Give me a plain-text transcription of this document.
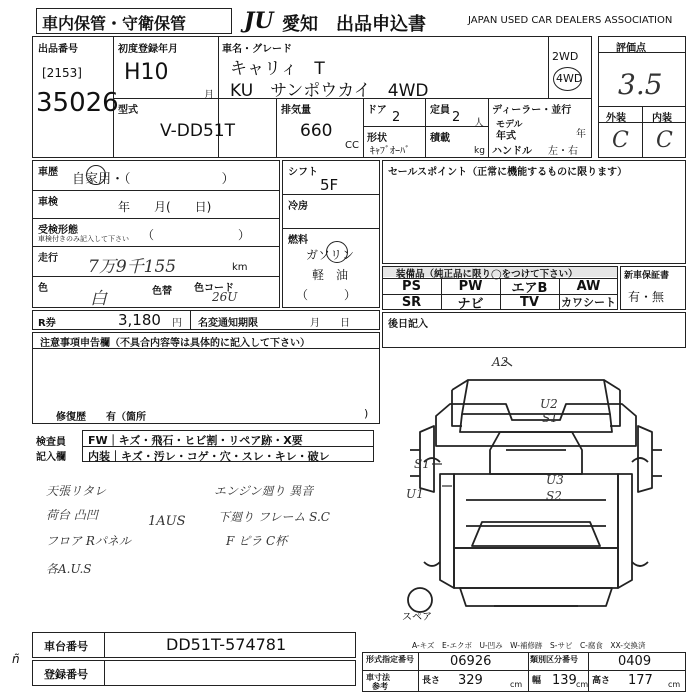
車内保管・守衛保管	JU 愛知 出品申込書	JAPAN USED CAR DEALERS ASSOCIATION
出品番号
[2153]
35026
初度登録年月
H10
月
車名・グレード
キャリィ　T
KU　サンポウカイ　4WD
2WD
4WD
型式
V-DD51T
排気量
660
CC
ドア 2	定員 2 人
形状
ｷｬﾌﾞｵｰﾊﾞ
積載
kg
ディーラー・並行
モデル
年式	年
ハンドル 左・右
評価点
3.5
外装	内装
C C
車歴 自家用・（　　　　　　　）
車検	年　　月(　　日)
受検形態
車検付きのみ記入して下さい （　　　　　　　）
走行 7万9千155	km
色
白	色替 色コード
26U
シフト
5F
冷房
燃料
ガソリン
軽　油
（　　　）
セールスポイント（正常に機能するものに限ります）
装備品（純正品に限り◯をつけて下さい）
PS	PW	エアB	AW
SR	ナビ	TV	カワシート
新車保証書
有・無
R券	3,180 円 名変通知期限	月　　日	後日記入
注意事項申告欄（不具合内容等は具体的に記入して下さい）
修復歴　　有（箇所	)
検査員
記入欄
FW｜キズ・飛石・ヒビ割・リペア跡・X要
内装｜キズ・汚レ・コゲ・穴・スレ・キレ・破レ
天張リタレ
荷台 凸凹
フロア Rパネル
各A.U.S
1AUS
エンジン廻り 異音
下廻り フレーム S.C
F ピラ C杯
A2
U2
S1
S1
U1
U3
S2
スペア
A-キズ　E-エクボ　U-凹み　W-補修跡　S-サビ　C-腐食　XX-交換済
ñ
車台番号	DD51T-574781
登録番号
形式指定番号	06926	類別区分番号	0409
車寸法
参考
長さ 329	cm 幅 139 cm 高さ 177 cm
